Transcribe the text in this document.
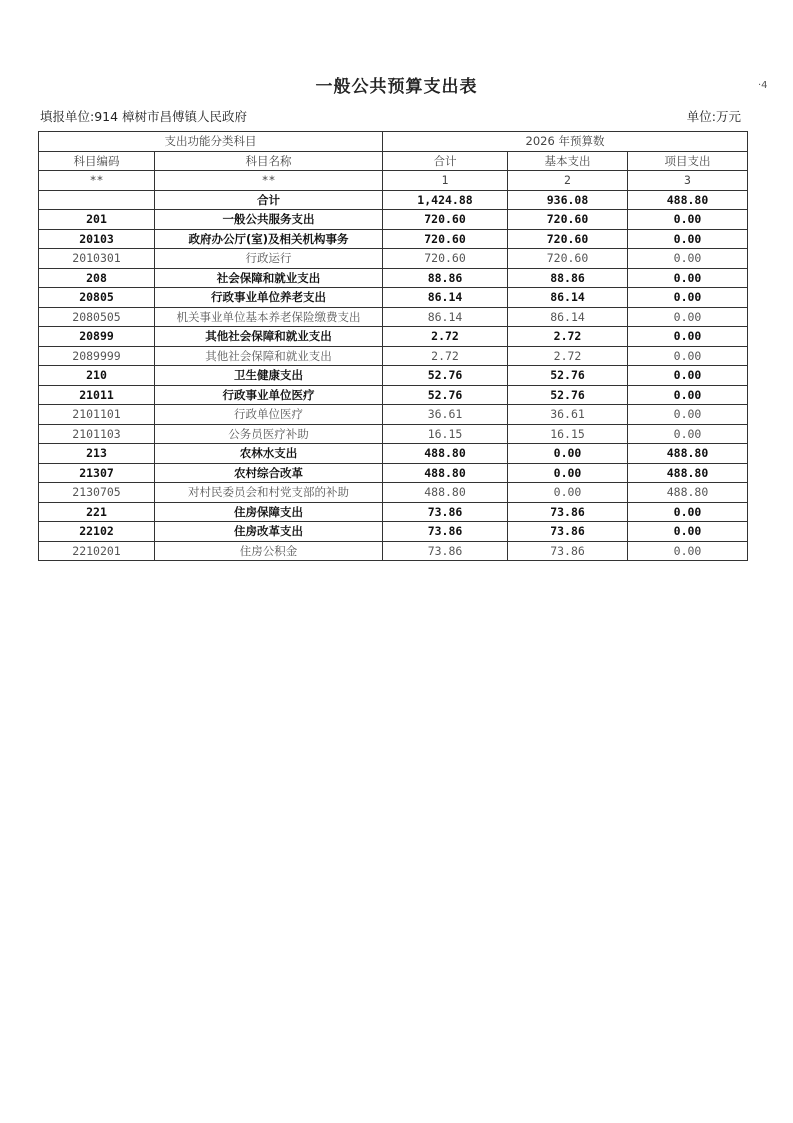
一般公共预算支出表	·4
填报单位:914 樟树市昌傅镇人民政府	单位:万元
支出功能分类科目		2026 年预算数		
科目编码	科目名称	合计	基本支出	项目支出
**	**	1	2	3
	合计	1,424.88	936.08	488.80
201	一般公共服务支出	720.60	720.60	0.00
20103	政府办公厅(室)及相关机构事务	720.60	720.60	0.00
2010301	行政运行	720.60	720.60	0.00
208	社会保障和就业支出	88.86	88.86	0.00
20805	行政事业单位养老支出	86.14	86.14	0.00
2080505	机关事业单位基本养老保险缴费支出	86.14	86.14	0.00
20899	其他社会保障和就业支出	2.72	2.72	0.00
2089999	其他社会保障和就业支出	2.72	2.72	0.00
210	卫生健康支出	52.76	52.76	0.00
21011	行政事业单位医疗	52.76	52.76	0.00
2101101	行政单位医疗	36.61	36.61	0.00
2101103	公务员医疗补助	16.15	16.15	0.00
213	农林水支出	488.80	0.00	488.80
21307	农村综合改革	488.80	0.00	488.80
2130705	对村民委员会和村党支部的补助	488.80	0.00	488.80
221	住房保障支出	73.86	73.86	0.00
22102	住房改革支出	73.86	73.86	0.00
2210201	住房公积金	73.86	73.86	0.00
